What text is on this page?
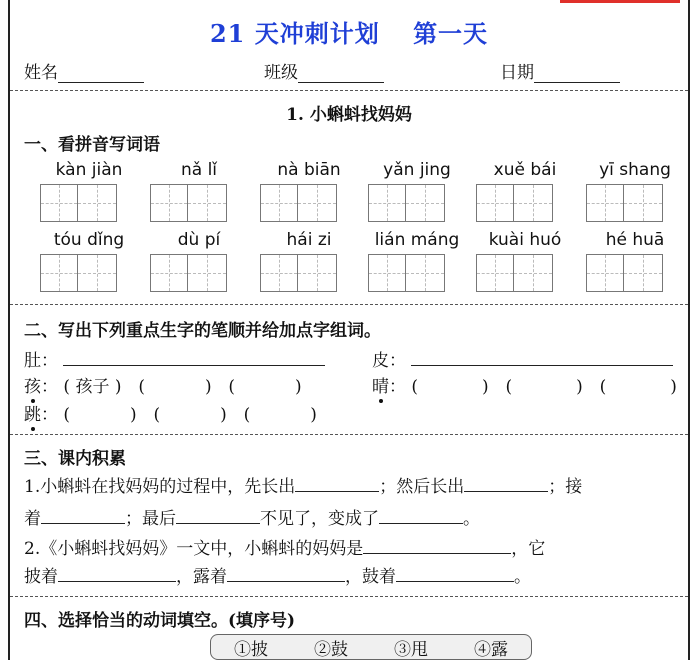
21 天冲刺计划 第一天
姓名	班级	日期
1. 小蝌蚪找妈妈
一、看拼音写词语
kàn jiàn	nǎ lǐ	nà biān	yǎn jing	xuě bái	yī shang
tóu dǐng	dù pí	hái zi	lián máng	kuài huó	hé huā
二、写出下列重点生字的笔顺并给加点字组词。
肚：	皮：
孩： ( 孩子 ) (	) (	)	晴： (	) (	) (	)
跳： (	) (	) (	)
三、课内积累
1.小蝌蚪在找妈妈的过程中，先长出	；然后长出	；接
着	；最后	不见了，变成了	。
2.《小蝌蚪找妈妈》一文中，小蝌蚪的妈妈是	，它
披着	，露着	，鼓着	。
四、选择恰当的动词填空。(填序号)
①披	②鼓	③甩	④露
